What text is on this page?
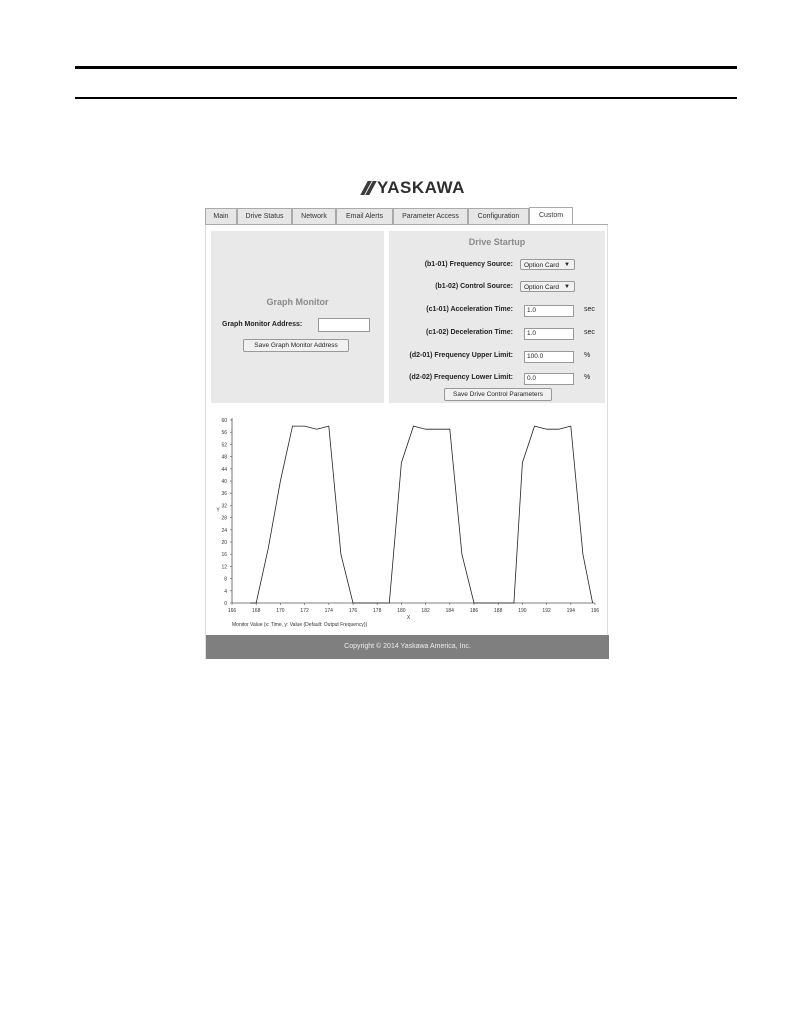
YASKAWA
Main	Drive Status	Network	Email Alerts	Parameter Access	Configuration	Custom
Graph Monitor
Graph Monitor Address:
Save Graph Monitor Address
Drive Startup
(b1-01) Frequency Source:	Option Card ▼
(b1-02) Control Source:	Option Card ▼
(c1-01) Acceleration Time:	1.0	sec
(c1-02) Deceleration Time:	1.0	sec
(d2-01) Frequency Upper Limit:	100.0	%
(d2-02) Frequency Lower Limit:	0.0	%
Save Drive Control Parameters
0
4
8
12
16
20
24
28
32
36
40
44
48
52
56
60
166	168	170	172	174	176	178	180	182	184	186	188	190	192	194	196
Y
X
Monitor Value (x: Time, y: Value (Default: Output Frequency))
Copyright © 2014 Yaskawa America, Inc.
